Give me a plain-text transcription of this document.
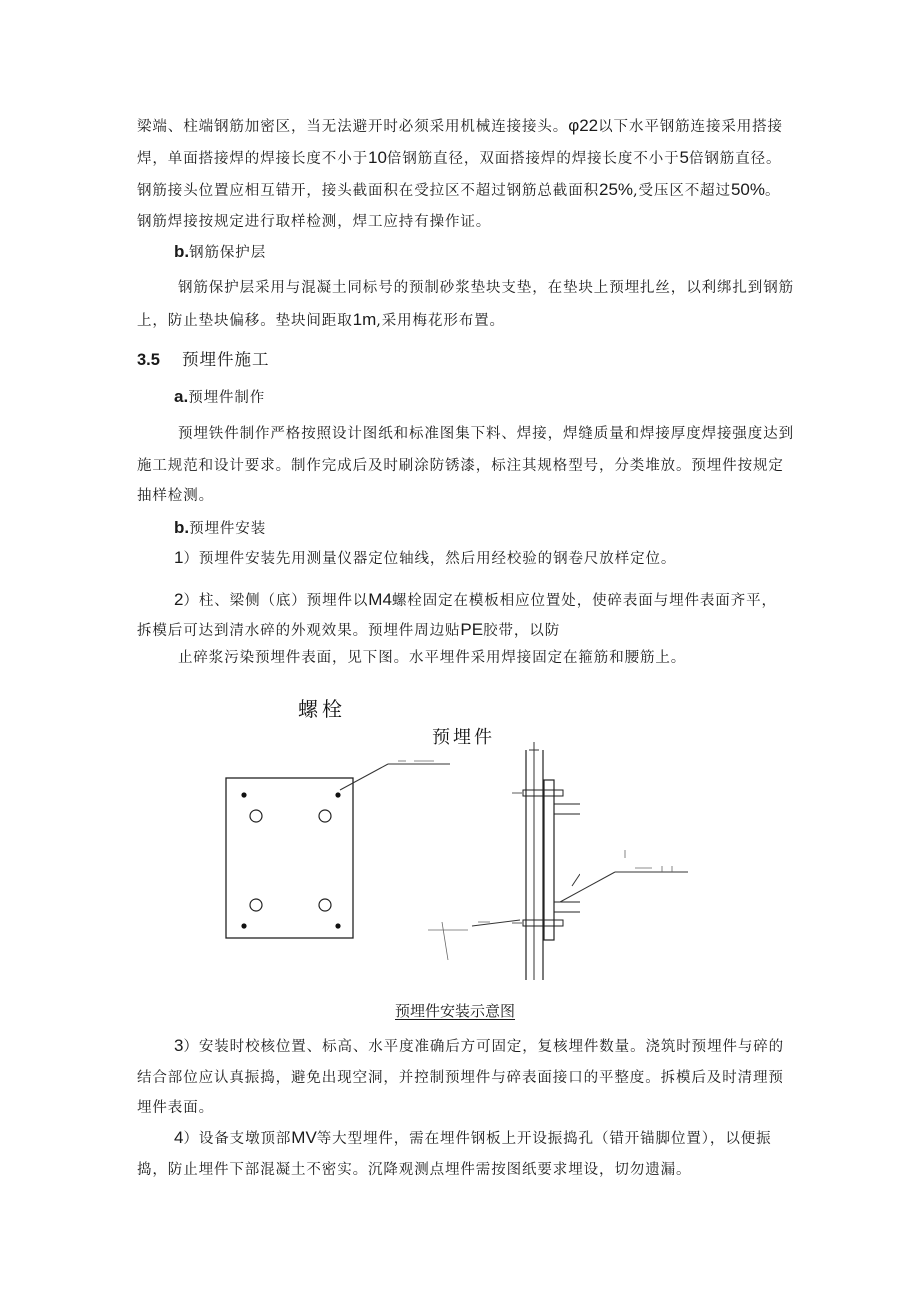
梁端、柱端钢筋加密区，当无法避开时必须采用机械连接接头。φ22以下水平钢筋连接采用搭接
焊，单面搭接焊的焊接长度不小于10倍钢筋直径，双面搭接焊的焊接长度不小于5倍钢筋直径。
钢筋接头位置应相互错开，接头截面积在受拉区不超过钢筋总截面积25%,受压区不超过50%。
钢筋焊接按规定进行取样检测，焊工应持有操作证。
b.钢筋保护层
钢筋保护层采用与混凝土同标号的预制砂浆垫块支垫，在垫块上预埋扎丝，以利绑扎到钢筋
上，防止垫块偏移。垫块间距取1m,采用梅花形布置。
3.5 预埋件施工
a.预埋件制作
预埋铁件制作严格按照设计图纸和标准图集下料、焊接，焊缝质量和焊接厚度焊接强度达到
施工规范和设计要求。制作完成后及时刷涂防锈漆，标注其规格型号，分类堆放。预埋件按规定
抽样检测。
b.预埋件安装
1）预埋件安装先用测量仪器定位轴线，然后用经校验的钢卷尺放样定位。
2）柱、梁侧（底）预埋件以M4螺栓固定在模板相应位置处，使碎表面与埋件表面齐平，
拆模后可达到清水碎的外观效果。预埋件周边贴PE胶带，以防
止碎浆污染预埋件表面，见下图。水平埋件采用焊接固定在箍筋和腰筋上。
螺栓
预埋件
预埋件安装示意图
3）安装时校核位置、标高、水平度准确后方可固定，复核埋件数量。浇筑时预埋件与碎的
结合部位应认真振捣，避免出现空洞，并控制预埋件与碎表面接口的平整度。拆模后及时清理预
埋件表面。
4）设备支墩顶部MV等大型埋件，需在埋件钢板上开设振捣孔（错开锚脚位置），以便振
捣，防止埋件下部混凝土不密实。沉降观测点埋件需按图纸要求埋设，切勿遗漏。
